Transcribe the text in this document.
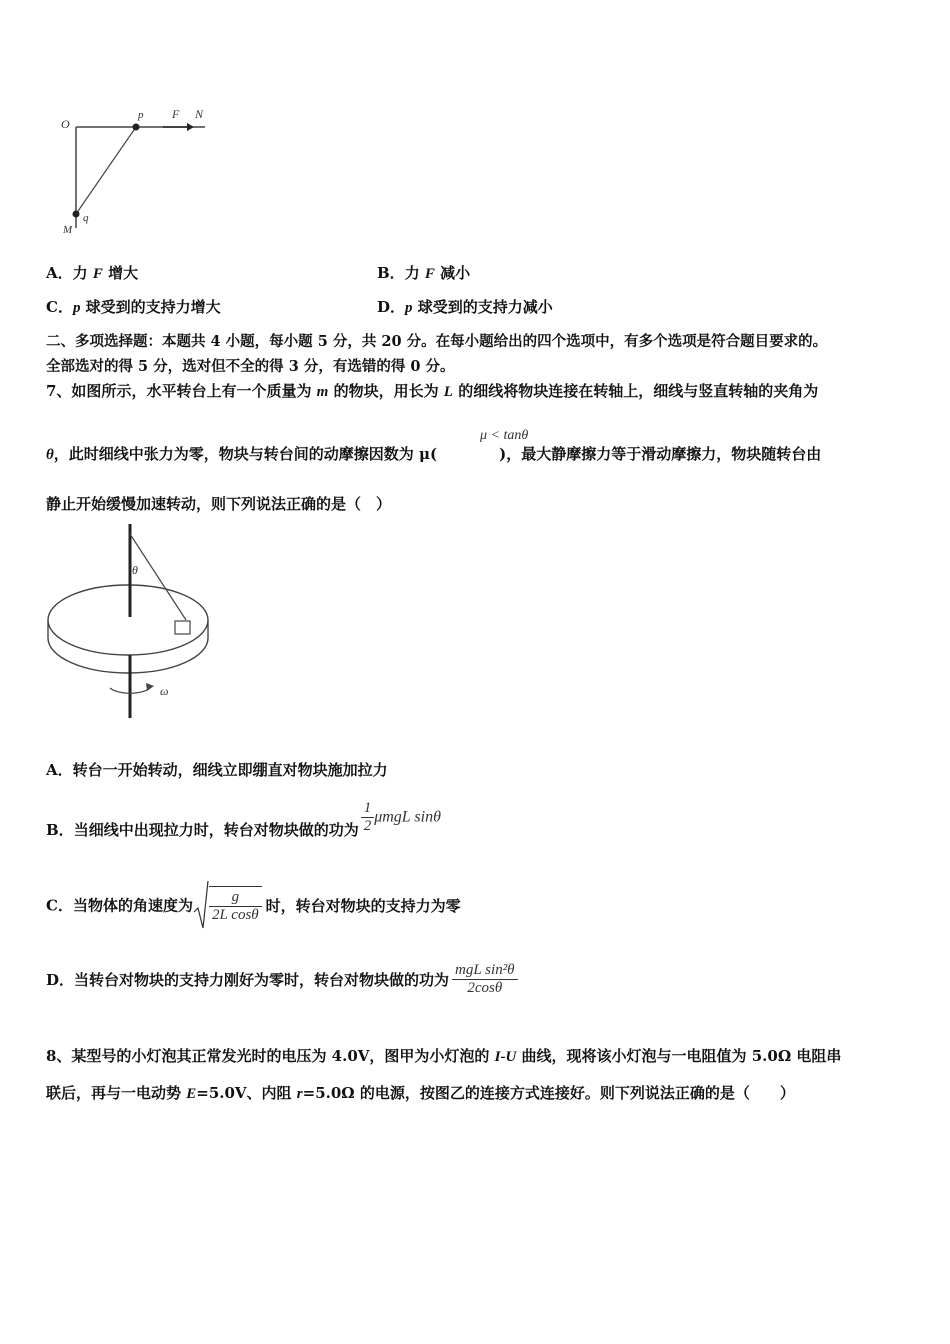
O
p F N
M
q
A．力 F 增大	B．力 F 减小
C．p 球受到的支持力增大	D．p 球受到的支持力减小
二、多项选择题：本题共 4 小题，每小题 5 分，共 20 分。在每小题给出的四个选项中，有多个选项是符合题目要求的。
全部选对的得 5 分，选对但不全的得 3 分，有选错的得 0 分。
7、如图所示，水平转台上有一个质量为 m 的物块，用长为 L 的细线将物块连接在转轴上，细线与竖直转轴的夹角为
μ < tanθ
θ，此时细线中张力为零，物块与转台间的动摩擦因数为 μ(	)，最大静摩擦力等于滑动摩擦力，物块随转台由
静止开始缓慢加速转动，则下列说法正确的是（　）
θ
ω
A．转台一开始转动，细线立即绷直对物块施加拉力
B．当细线中出现拉力时，转台对物块做的功为 $\frac{1}{2}$ μmgL sinθ
C．当物体的角速度为 $\frac{g}{\text{2L cosθ}}$ 时，转台对物块的支持力为零
D．当转台对物块的支持力刚好为零时，转台对物块做的功为 $\frac{\text{mgL sin²θ}}{2\cos\theta}$
8、某型号的小灯泡其正常发光时的电压为 4.0V，图甲为小灯泡的 I-U 曲线，现将该小灯泡与一电阻值为 5.0Ω 电阻串
联后，再与一电动势 E=5.0V、内阻 r=5.0Ω 的电源，按图乙的连接方式连接好。则下列说法正确的是（　　）
